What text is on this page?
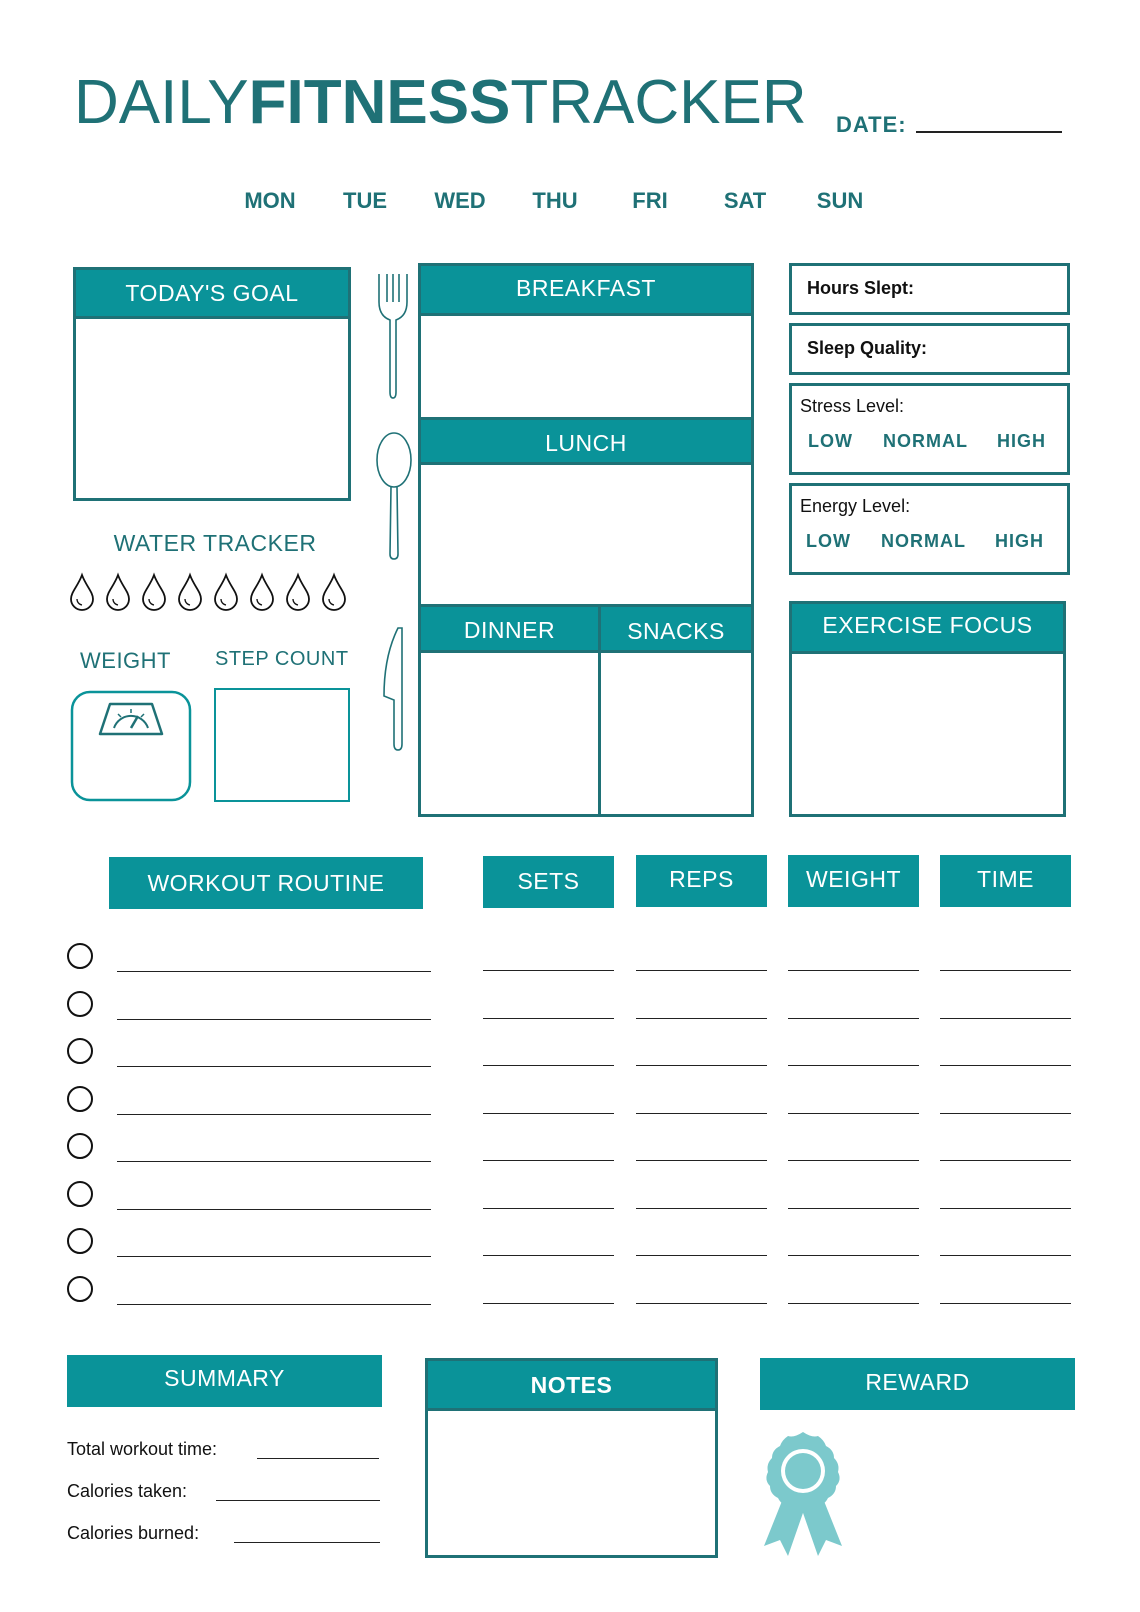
DAILYFITNESSTRACKER DATE:
MON	TUE	WED	THU	FRI	SAT	SUN
TODAY'S GOAL
WATER TRACKER
WEIGHT STEP COUNT
BREAKFAST
LUNCH
DINNER	SNACKS
Hours Slept:
Sleep Quality:
Stress Level:
LOW NORMAL HIGH
Energy Level:
LOW NORMAL HIGH
EXERCISE FOCUS
WORKOUT ROUTINE	SETS	REPS	WEIGHT	TIME
SUMMARY
Total workout time:
Calories taken:
Calories burned:
NOTES	REWARD
